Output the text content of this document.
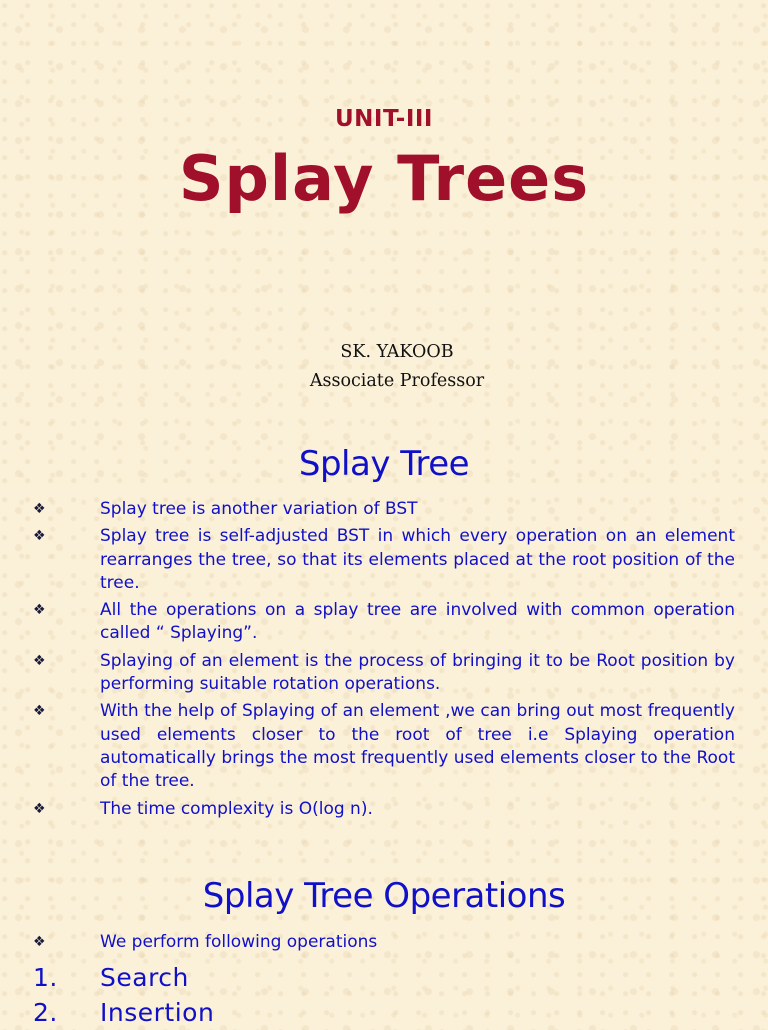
UNIT-III
Splay Trees
SK. YAKOOB
Associate Professor
Splay Tree
❖	Splay tree is another variation of BST
❖	Splay tree is self-adjusted BST in which every operation on an element rearranges the tree, so that its elements placed at the root position of the tree.
❖	All the operations on a splay tree are involved with common operation called “ Splaying”.
❖	Splaying of an element is the process of bringing it to be Root position by performing suitable rotation operations.
❖	With the help of Splaying of an element ,we can bring out most frequently used elements closer to the root of tree i.e Splaying operation automatically brings the most frequently used elements closer to the Root of the tree.
❖	The time complexity is O(log n).
Splay Tree Operations
❖	We perform following operations
1. Search
2. Insertion
